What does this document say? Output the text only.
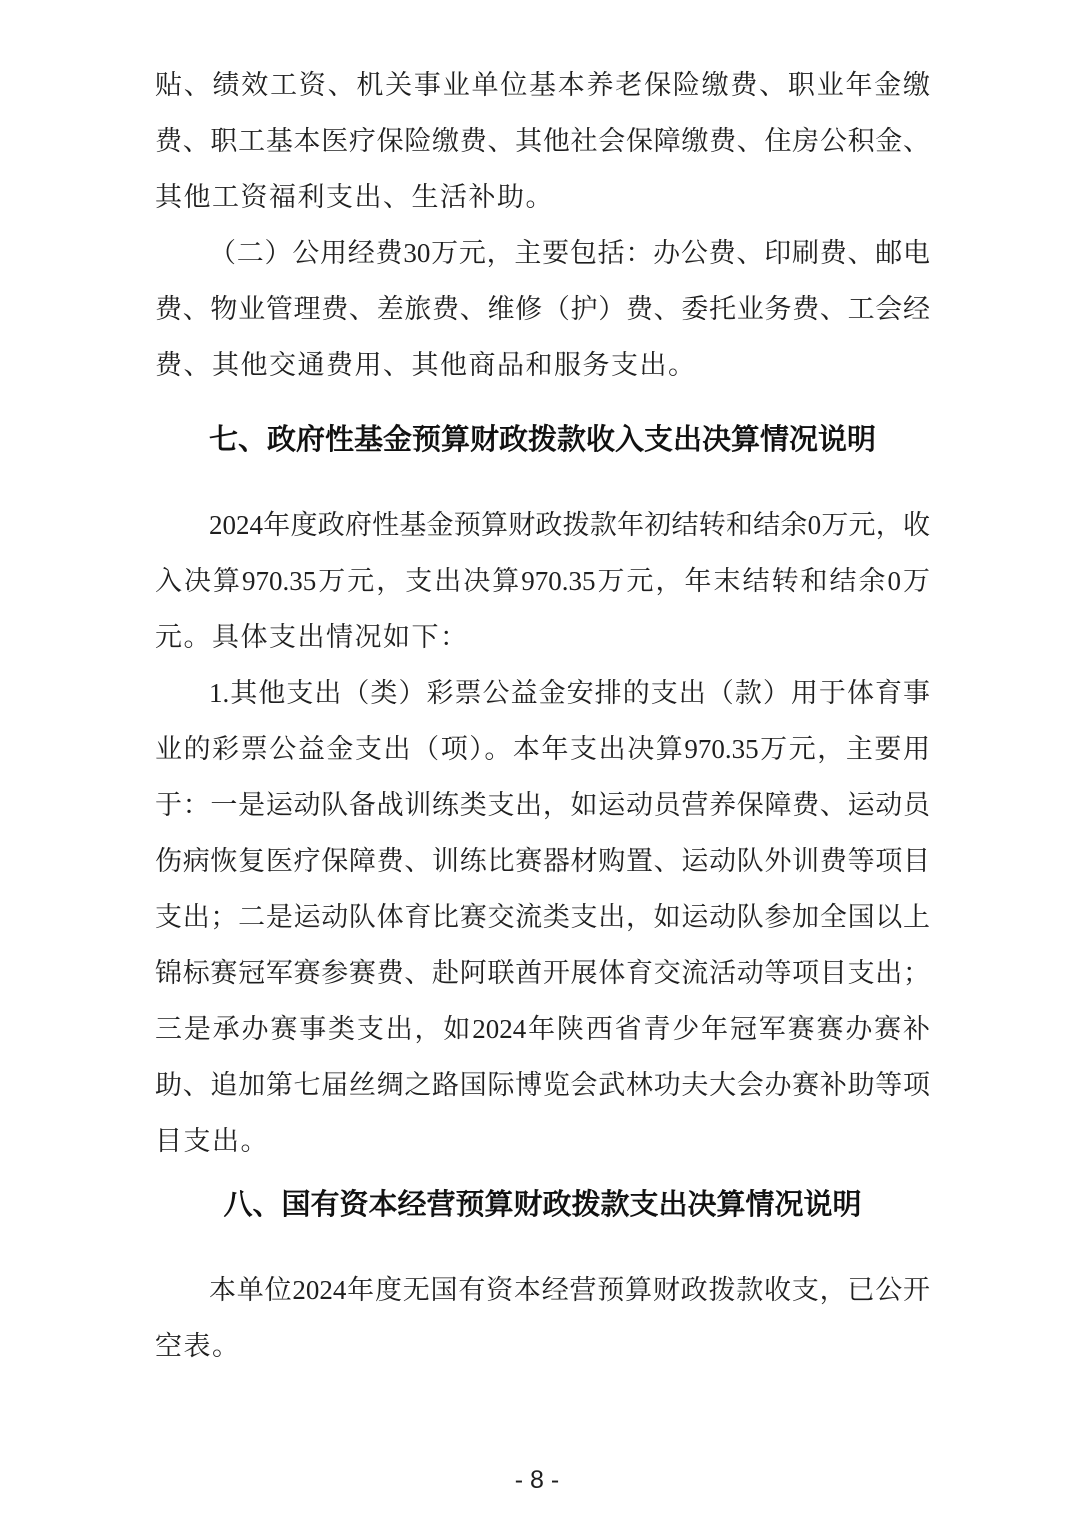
贴、绩效工资、机关事业单位基本养老保险缴费、职业年金缴
费、职工基本医疗保险缴费、其他社会保障缴费、住房公积金、
其他工资福利支出、生活补助。
（二）公用经费30万元，主要包括：办公费、印刷费、邮电
费、物业管理费、差旅费、维修（护）费、委托业务费、工会经
费、其他交通费用、其他商品和服务支出。
七、政府性基金预算财政拨款收入支出决算情况说明
2024年度政府性基金预算财政拨款年初结转和结余0万元，收
入决算970.35万元，支出决算970.35万元，年末结转和结余0万
元。具体支出情况如下：
1.其他支出（类）彩票公益金安排的支出（款）用于体育事
业的彩票公益金支出（项）。本年支出决算970.35万元，主要用
于：一是运动队备战训练类支出，如运动员营养保障费、运动员
伤病恢复医疗保障费、训练比赛器材购置、运动队外训费等项目
支出；二是运动队体育比赛交流类支出，如运动队参加全国以上
锦标赛冠军赛参赛费、赴阿联酋开展体育交流活动等项目支出；
三是承办赛事类支出，如2024年陕西省青少年冠军赛赛办赛补
助、追加第七届丝绸之路国际博览会武林功夫大会办赛补助等项
目支出。
八、国有资本经营预算财政拨款支出决算情况说明
本单位2024年度无国有资本经营预算财政拨款收支，已公开
空表。
- 8 -
